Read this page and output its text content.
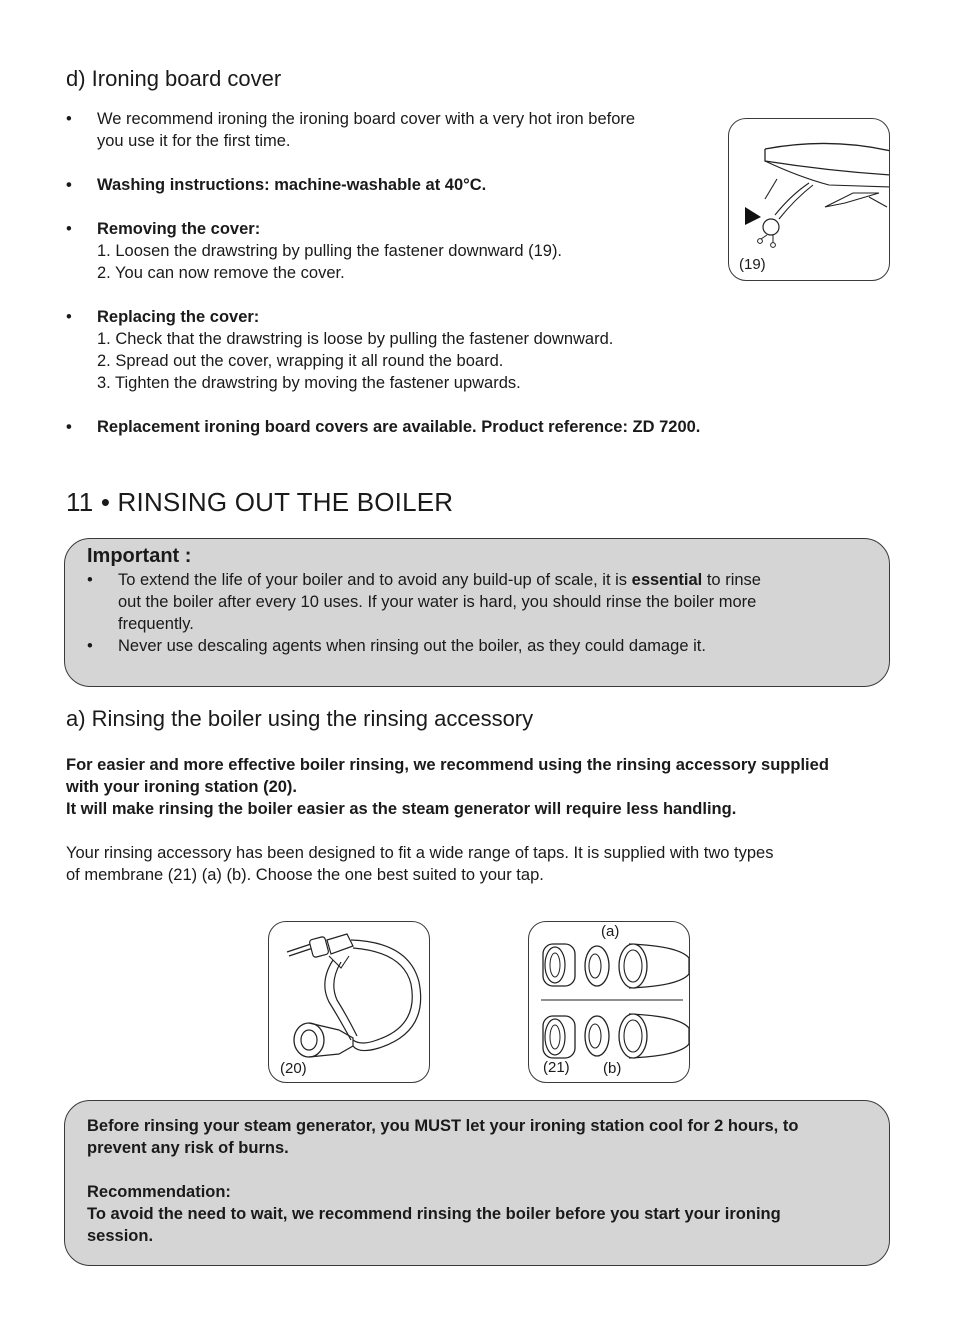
d) Ironing board cover
• We recommend ironing the ironing board cover with a very hot iron before
you use it for the first time.
• Washing instructions: machine-washable at 40°C.
• Removing the cover:
1. Loosen the drawstring by pulling the fastener downward (19).
2. You can now remove the cover.
• Replacing the cover:
1. Check that the drawstring is loose by pulling the fastener downward.
2. Spread out the cover, wrapping it all round the board.
3. Tighten the drawstring by moving the fastener upwards.
• Replacement ironing board covers are available. Product reference: ZD 7200.
(19)
11 • RINSING OUT THE BOILER
Important :
• To extend the life of your boiler and to avoid any build-up of scale, it is essential to rinse
out the boiler after every 10 uses. If your water is hard, you should rinse the boiler more
frequently.
• Never use descaling agents when rinsing out the boiler, as they could damage it.
a) Rinsing the boiler using the rinsing accessory
For easier and more effective boiler rinsing, we recommend using the rinsing accessory supplied
with your ironing station (20).
It will make rinsing the boiler easier as the steam generator will require less handling.
Your rinsing accessory has been designed to fit a wide range of taps. It is supplied with two types
of membrane (21) (a) (b). Choose the one best suited to your tap.
(20)
(a)
(21) (b)
Before rinsing your steam generator, you MUST let your ironing station cool for 2 hours, to
prevent any risk of burns.
Recommendation:
To avoid the need to wait, we recommend rinsing the boiler before you start your ironing
session.
